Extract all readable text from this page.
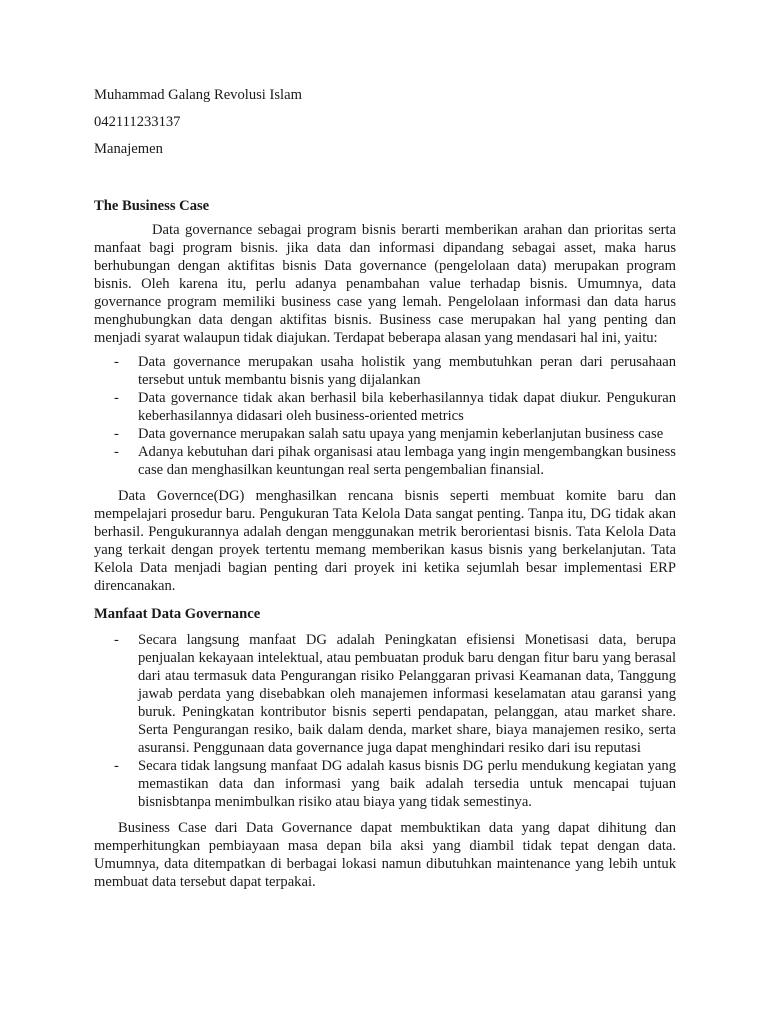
Muhammad Galang Revolusi Islam

042111233137

Manajemen

The Business Case

Data governance sebagai program bisnis berarti memberikan arahan dan prioritas serta manfaat bagi program bisnis. jika data dan informasi dipandang sebagai asset, maka harus berhubungan dengan aktifitas bisnis Data governance (pengelolaan data) merupakan program bisnis. Oleh karena itu, perlu adanya penambahan value terhadap bisnis. Umumnya, data governance program memiliki business case yang lemah. Pengelolaan informasi dan data harus menghubungkan data dengan aktifitas bisnis. Business case merupakan hal yang penting dan menjadi syarat walaupun tidak diajukan. Terdapat beberapa alasan yang mendasari hal ini, yaitu:

- Data governance merupakan usaha holistik yang membutuhkan peran dari perusahaan tersebut untuk membantu bisnis yang dijalankan
- Data governance tidak akan berhasil bila keberhasilannya tidak dapat diukur. Pengukuran keberhasilannya didasari oleh business-oriented metrics
- Data governance merupakan salah satu upaya yang menjamin keberlanjutan business case
- Adanya kebutuhan dari pihak organisasi atau lembaga yang ingin mengembangkan business case dan menghasilkan keuntungan real serta pengembalian finansial.

Data Governce(DG) menghasilkan rencana bisnis seperti membuat komite baru dan mempelajari prosedur baru. Pengukuran Tata Kelola Data sangat penting. Tanpa itu, DG tidak akan berhasil. Pengukurannya adalah dengan menggunakan metrik berorientasi bisnis. Tata Kelola Data yang terkait dengan proyek tertentu memang memberikan kasus bisnis yang berkelanjutan. Tata Kelola Data menjadi bagian penting dari proyek ini ketika sejumlah besar implementasi ERP direncanakan.

Manfaat Data Governance

- Secara langsung manfaat DG adalah Peningkatan efisiensi Monetisasi data, berupa penjualan kekayaan intelektual, atau pembuatan produk baru dengan fitur baru yang berasal dari atau termasuk data Pengurangan risiko Pelanggaran privasi Keamanan data, Tanggung jawab perdata yang disebabkan oleh manajemen informasi keselamatan atau garansi yang buruk. Peningkatan kontributor bisnis seperti pendapatan, pelanggan, atau market share. Serta Pengurangan resiko, baik dalam denda, market share, biaya manajemen resiko, serta asuransi. Penggunaan data governance juga dapat menghindari resiko dari isu reputasi
- Secara tidak langsung manfaat DG adalah kasus bisnis DG perlu mendukung kegiatan yang memastikan data dan informasi yang baik adalah tersedia untuk mencapai tujuan bisnisbtanpa menimbulkan risiko atau biaya yang tidak semestinya.

Business Case dari Data Governance dapat membuktikan data yang dapat dihitung dan memperhitungkan pembiayaan masa depan bila aksi yang diambil tidak tepat dengan data. Umumnya, data ditempatkan di berbagai lokasi namun dibutuhkan maintenance yang lebih untuk membuat data tersebut dapat terpakai.
